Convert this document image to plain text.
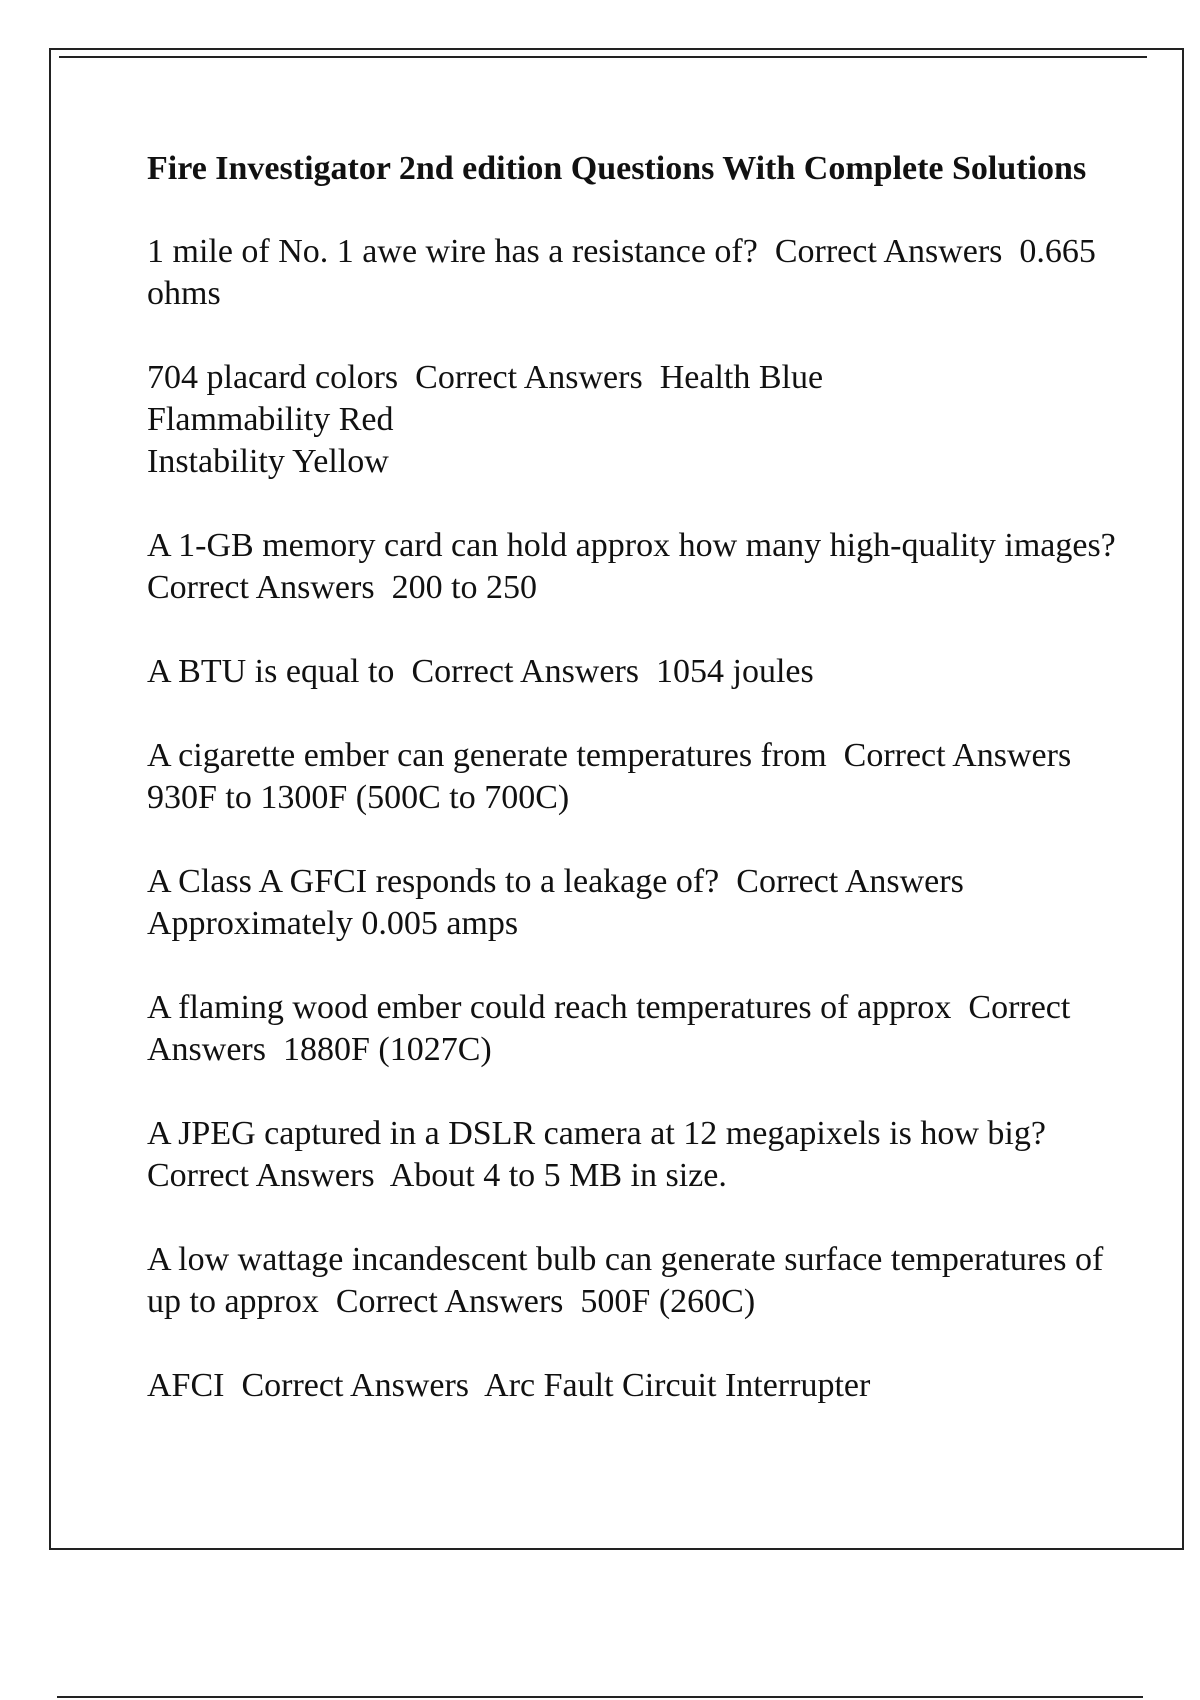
Fire Investigator 2nd edition Questions With Complete Solutions
1 mile of No. 1 awe wire has a resistance of? Correct Answers 0.665 ohms
704 placard colors Correct Answers Health Blue
Flammability Red
Instability Yellow
A 1-GB memory card can hold approx how many high-quality images?  Correct Answers 200 to 250
A BTU is equal to Correct Answers 1054 joules
A cigarette ember can generate temperatures from Correct Answers  930F to 1300F (500C to 700C)
A Class A GFCI responds to a leakage of? Correct Answers  Approximately 0.005 amps
A flaming wood ember could reach temperatures of approx Correct Answers 1880F (1027C)
A JPEG captured in a DSLR camera at 12 megapixels is how big?  Correct Answers About 4 to 5 MB in size.
A low wattage incandescent bulb can generate surface temperatures of up to approx Correct Answers 500F (260C)
AFCI Correct Answers Arc Fault Circuit Interrupter
